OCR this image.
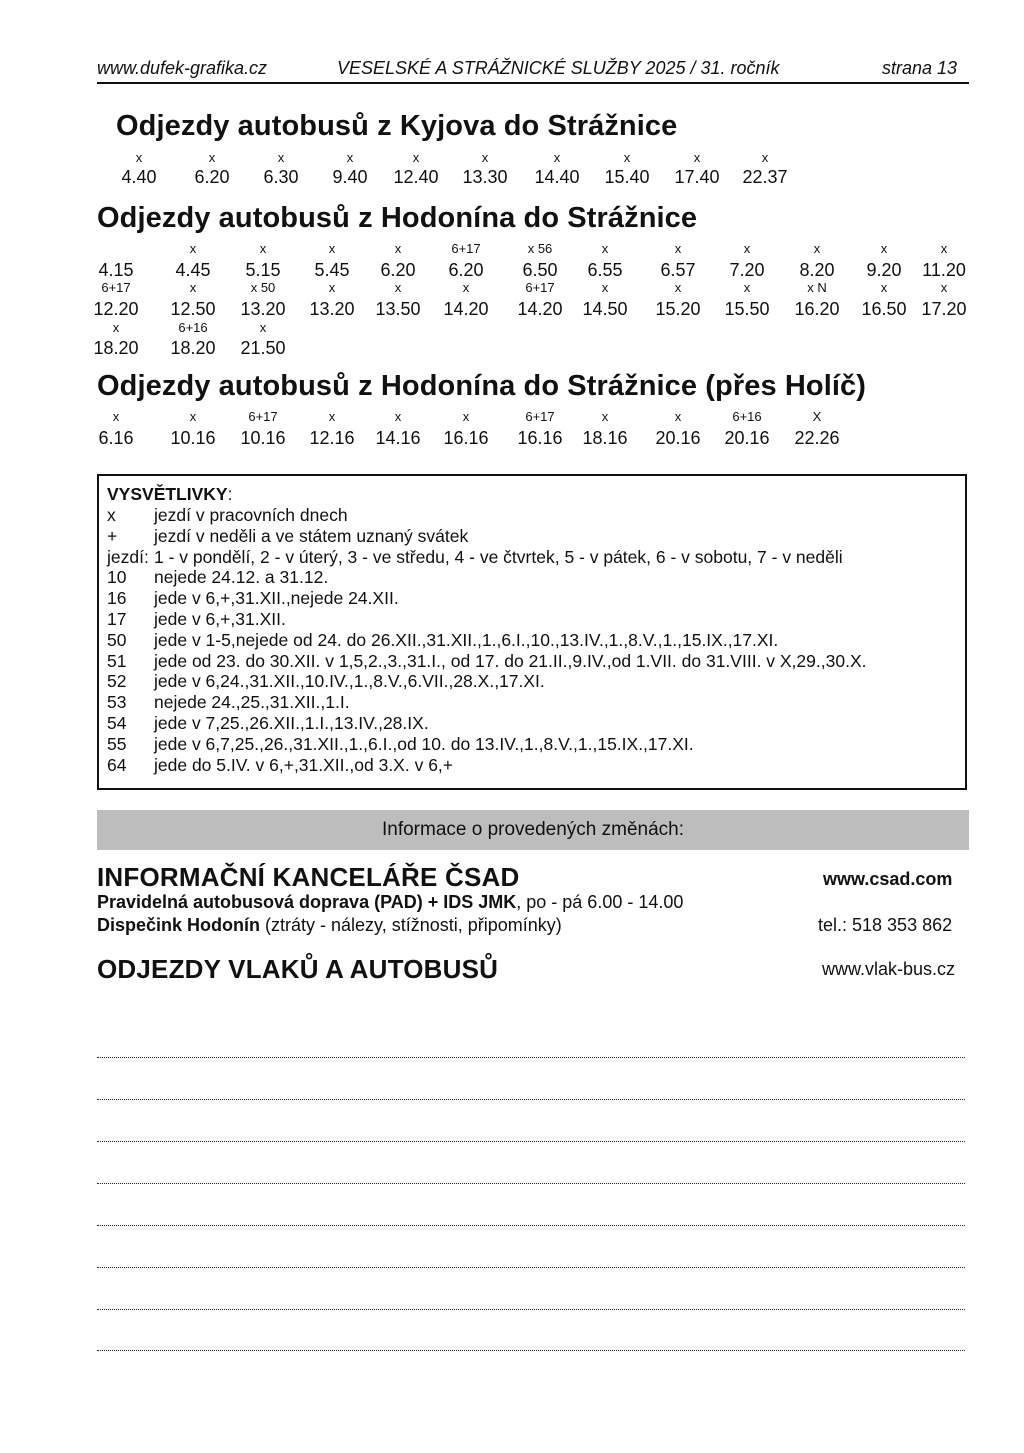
www.dufek-grafika.cz	VESELSKÉ A STRÁŽNICKÉ SLUŽBY 2025 / 31. ročník	strana 13
Odjezdy autobusů z Kyjova do Strážnice
x	x	x	x	x	x	x	x	x	x
4.40	6.20	6.30	9.40	12.40	13.30	14.40	15.40	17.40	22.37
Odjezdy autobusů z Hodonína do Strážnice
x	x	x	x	6+17	x 56	x	x	x	x	x	x
4.15	4.45	5.15	5.45	6.20	6.20	6.50	6.55	6.57	7.20	8.20	9.20	11.20
6+17	x	x 50	x	x	x	6+17	x	x	x	x N	x	x
12.20	12.50	13.20	13.20	13.50	14.20	14.20	14.50	15.20	15.50	16.20	16.50 17.20
x	6+16	x
18.20	18.20	21.50
Odjezdy autobusů z Hodonína do Strážnice (přes Holíč)
x	x	6+17	x	x	x	6+17	x	x	6+16	X
6.16	10.16	10.16	12.16	14.16	16.16	16.16	18.16	20.16	20.16	22.26
VYSVĚTLIVKY:
x jezdí v pracovních dnech
+ jezdí v neděli a ve státem uznaný svátek
jezdí: 1 - v pondělí, 2 - v úterý, 3 - ve středu, 4 - ve čtvrtek, 5 - v pátek, 6 - v sobotu, 7 - v neděli
10 nejede 24.12. a 31.12.
16 jede v 6,+,31.XII.,nejede 24.XII.
17 jede v 6,+,31.XII.
50 jede v 1-5,nejede od 24. do 26.XII.,31.XII.,1.,6.I.,10.,13.IV.,1.,8.V.,1.,15.IX.,17.XI.
51 jede od 23. do 30.XII. v 1,5,2.,3.,31.I., od 17. do 21.II.,9.IV.,od 1.VII. do 31.VIII. v X,29.,30.X.
52 jede v 6,24.,31.XII.,10.IV.,1.,8.V.,6.VII.,28.X.,17.XI.
53 nejede 24.,25.,31.XII.,1.I.
54 jede v 7,25.,26.XII.,1.I.,13.IV.,28.IX.
55 jede v 6,7,25.,26.,31.XII.,1.,6.I.,od 10. do 13.IV.,1.,8.V.,1.,15.IX.,17.XI.
64 jede do 5.IV. v 6,+,31.XII.,od 3.X. v 6,+
Informace o provedených změnách:
INFORMAČNÍ KANCELÁŘE ČSAD	www.csad.com
Pravidelná autobusová doprava (PAD) + IDS JMK, po - pá 6.00 - 14.00
Dispečink Hodonín (ztráty - nálezy, stížnosti, připomínky)	tel.: 518 353 862
ODJEZDY VLAKŮ A AUTOBUSŮ	www.vlak-bus.cz
